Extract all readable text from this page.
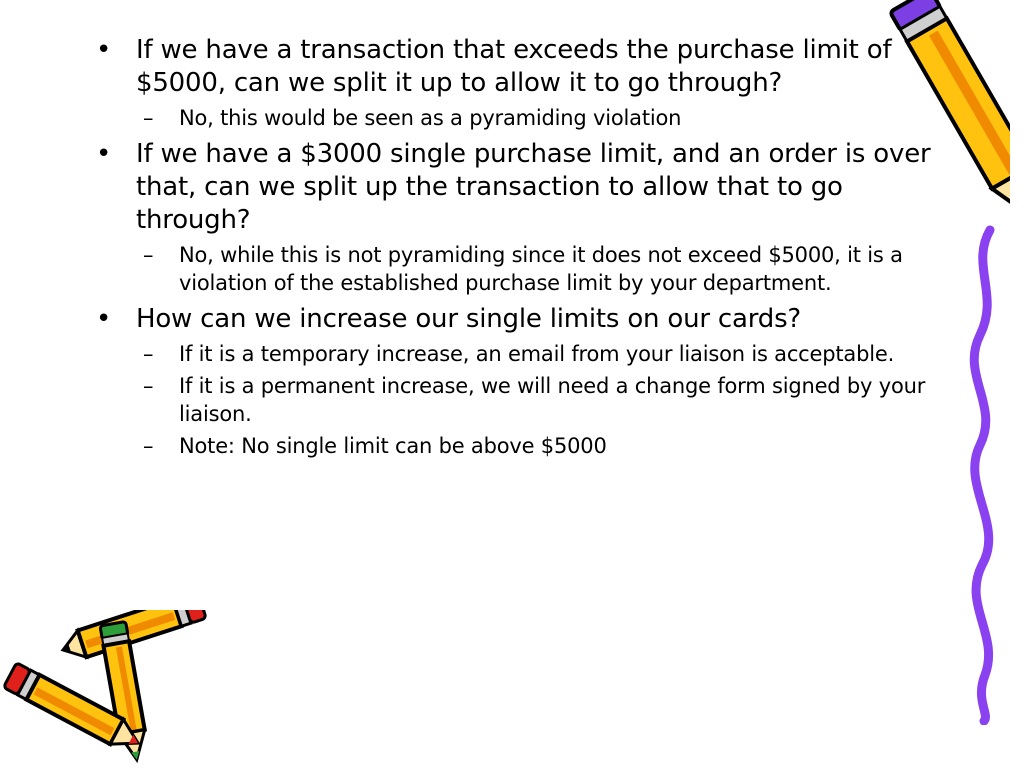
• If we have a transaction that exceeds the purchase limit of $5000, can we split it up to allow it to go through?
– No, this would be seen as a pyramiding violation
• If we have a $3000 single purchase limit, and an order is over that, can we split up the transaction to allow that to go through?
– No, while this is not pyramiding since it does not exceed $5000, it is a violation of the established purchase limit by your department.
• How can we increase our single limits on our cards?
– If it is a temporary increase, an email from your liaison is acceptable.
– If it is a permanent increase, we will need a change form signed by your liaison.
– Note: No single limit can be above $5000
